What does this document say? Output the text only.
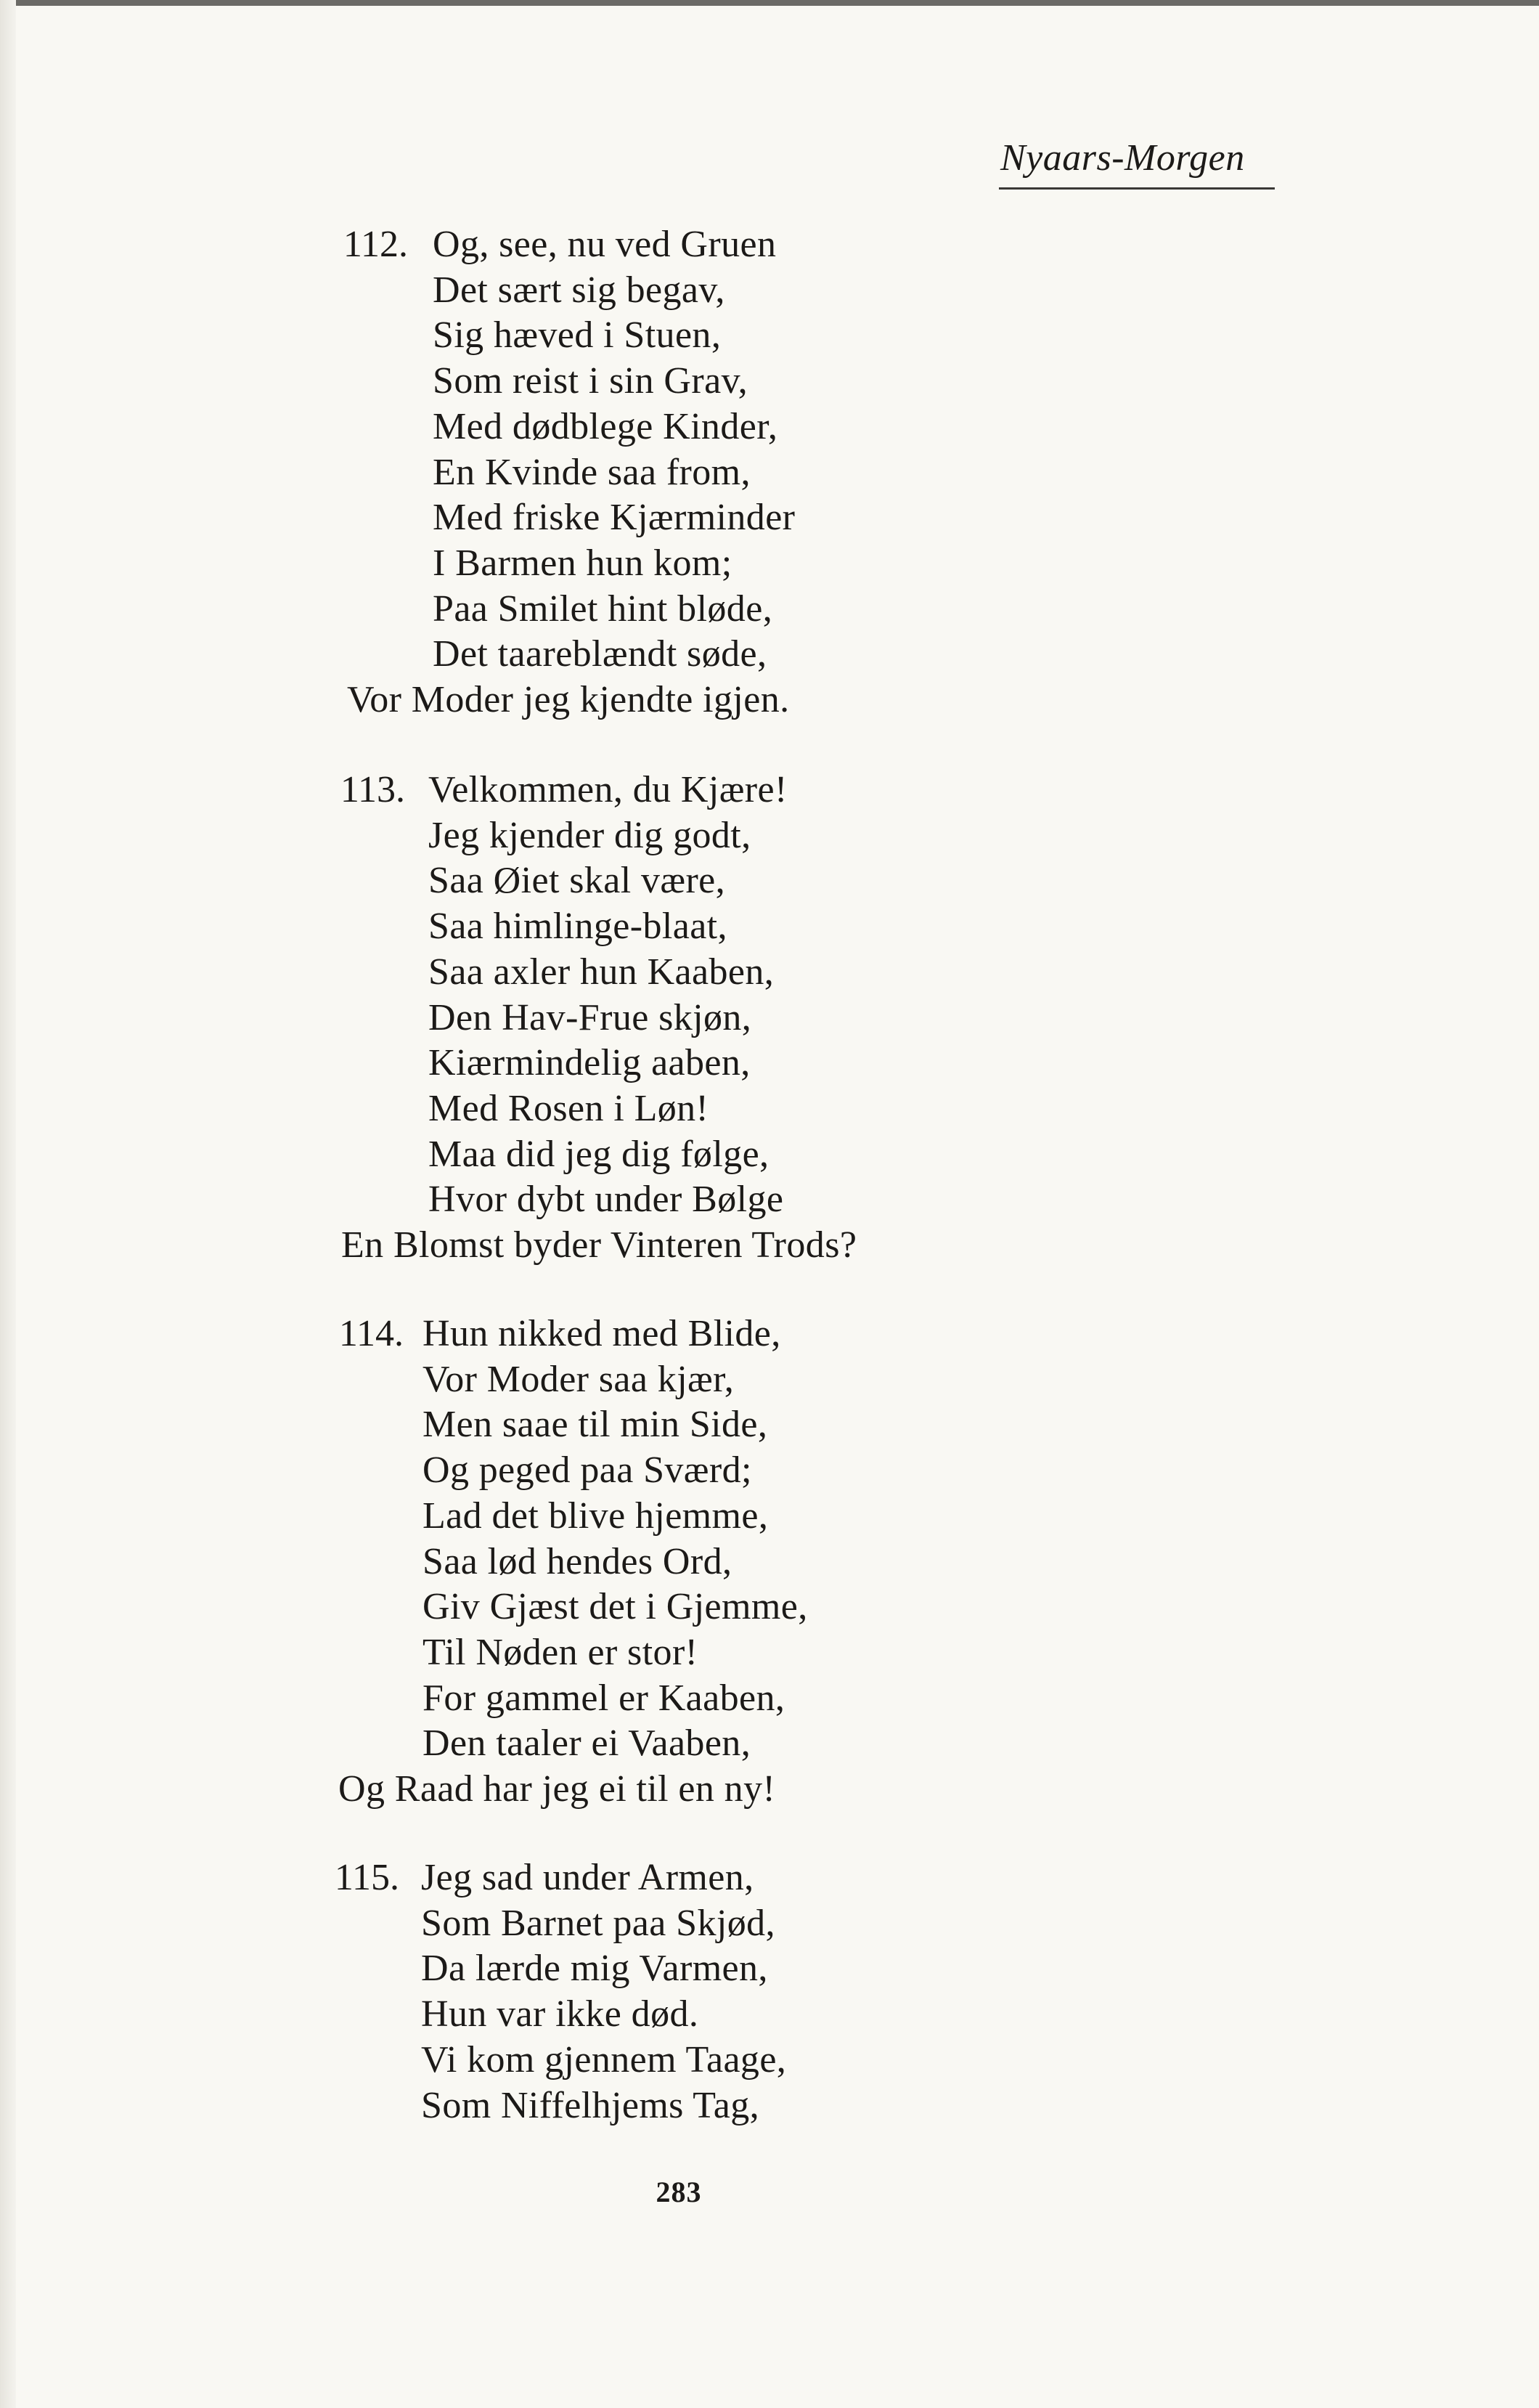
Nyaars-Morgen
112. Og, see, nu ved Gruen
Det sært sig begav,
Sig hæved i Stuen,
Som reist i sin Grav,
Med dødblege Kinder,
En Kvinde saa from,
Med friske Kjærminder
I Barmen hun kom;
Paa Smilet hint bløde,
Det taareblændt søde,
Vor Moder jeg kjendte igjen.
113. Velkommen, du Kjære!
Jeg kjender dig godt,
Saa Øiet skal være,
Saa himlinge-blaat,
Saa axler hun Kaaben,
Den Hav-Frue skjøn,
Kiærmindelig aaben,
Med Rosen i Løn!
Maa did jeg dig følge,
Hvor dybt under Bølge
En Blomst byder Vinteren Trods?
114. Hun nikked med Blide,
Vor Moder saa kjær,
Men saae til min Side,
Og peged paa Sværd;
Lad det blive hjemme,
Saa lød hendes Ord,
Giv Gjæst det i Gjemme,
Til Nøden er stor!
For gammel er Kaaben,
Den taaler ei Vaaben,
Og Raad har jeg ei til en ny!
115. Jeg sad under Armen,
Som Barnet paa Skjød,
Da lærde mig Varmen,
Hun var ikke død.
Vi kom gjennem Taage,
Som Niffelhjems Tag,
283
